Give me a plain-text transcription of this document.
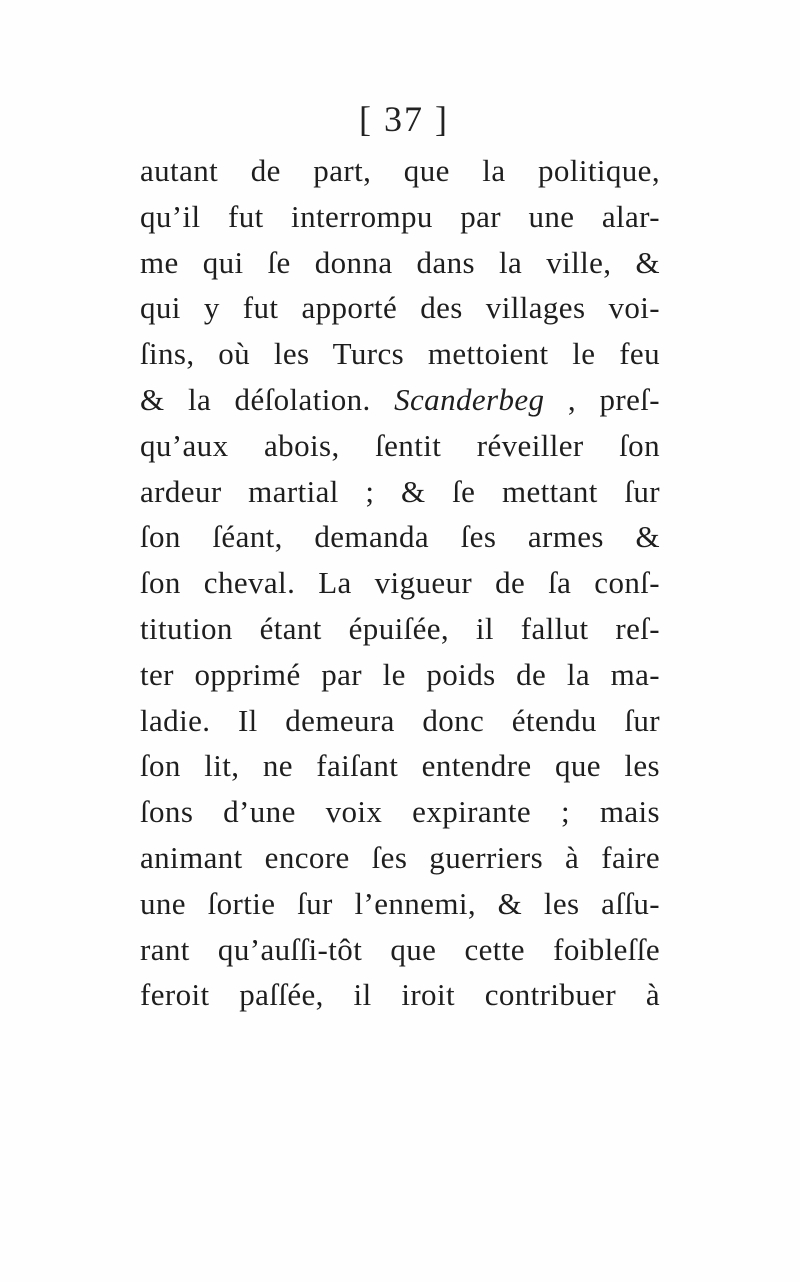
[ 37 ]
autant de part, que la politique,
qu’il fut interrompu par une alar-
me qui ſe donna dans la ville, &
qui y fut apporté des villages voi-
ſins, où les Turcs mettoient le feu
& la déſolation. Scanderbeg , preſ-
qu’aux abois, ſentit réveiller ſon
ardeur martial ; & ſe mettant ſur
ſon ſéant, demanda ſes armes &
ſon cheval. La vigueur de ſa conſ-
titution étant épuiſée, il fallut reſ-
ter opprimé par le poids de la ma-
ladie. Il demeura donc étendu ſur
ſon lit, ne faiſant entendre que les
ſons d’une voix expirante ; mais
animant encore ſes guerriers à faire
une ſortie ſur l’ennemi, & les aſſu-
rant qu’auſſi-tôt que cette foibleſſe
feroit paſſée, il iroit contribuer à
